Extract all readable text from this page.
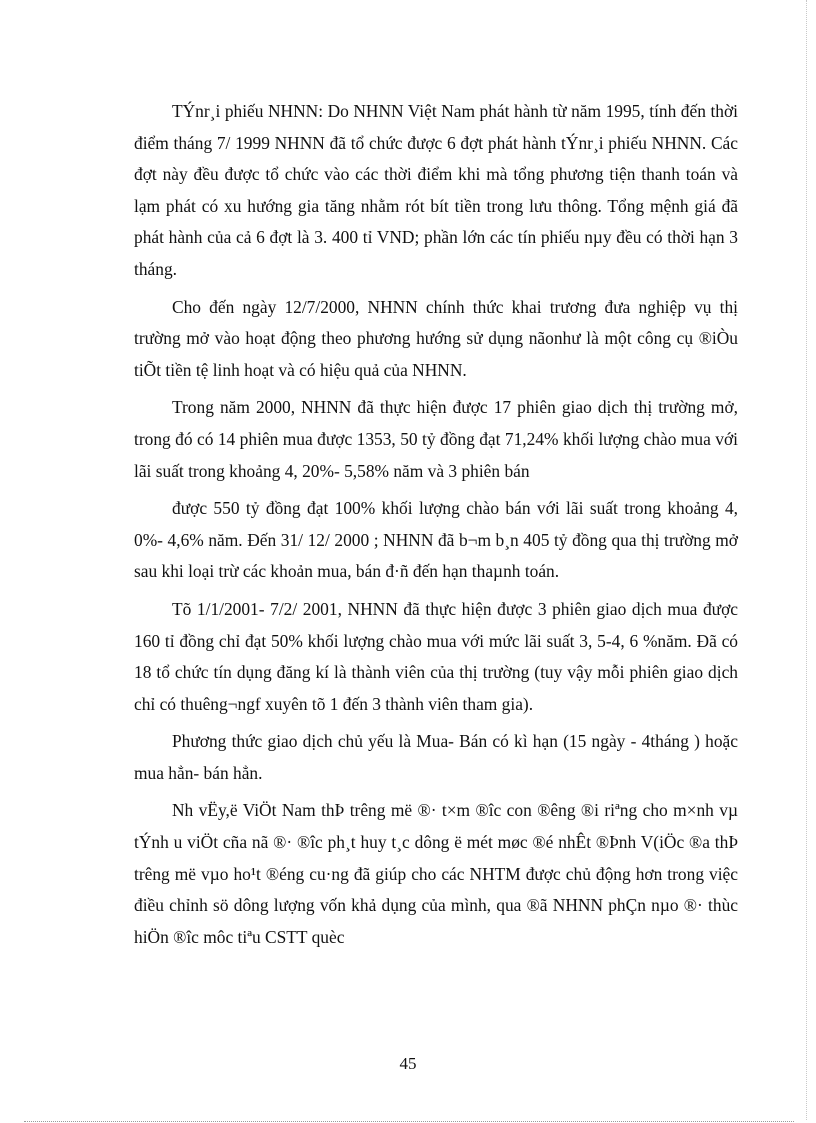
TÝnr¸i phiếu NHNN: Do NHNN Việt Nam phát hành từ năm 1995, tính đến thời điểm tháng 7/ 1999 NHNN đã tổ chức được 6 đợt phát hành tÝnr¸i phiếu NHNN. Các đợt này đều được tổ chức vào các thời điểm khi mà tổng phương tiện thanh toán và lạm phát có xu hướng gia tăng nhằm rót bít tiền trong lưu thông. Tổng mệnh giá đã phát hành của cả 6 đợt là 3. 400 tỉ VND; phần lớn các tín phiếu nµy đều có thời hạn 3 tháng.

Cho đến ngày 12/7/2000, NHNN chính thức khai trương đưa nghiệp vụ thị trường mở vào hoạt động theo phương hướng sử dụng nãonhư là một công cụ ®iÒu tiÕt tiền tệ linh hoạt và có hiệu quả của NHNN.

Trong năm 2000, NHNN đã thực hiện được 17 phiên giao dịch thị trường mở, trong đó có 14 phiên mua được 1353, 50 tỷ đồng đạt 71,24% khối lượng chào mua với lãi suất trong khoảng 4, 20%- 5,58% năm và 3 phiên bán

được 550 tỷ đồng đạt 100% khối lượng chào bán với lãi suất trong khoảng 4, 0%- 4,6% năm. Đến 31/ 12/ 2000 ; NHNN đã b¬m b¸n 405 tỷ đồng qua thị trường mở sau khi loại trừ các khoản mua, bán đ·ñ đến hạn thaµnh toán.

Tõ 1/1/2001- 7/2/ 2001, NHNN đã thực hiện được 3 phiên giao dịch mua được 160 tỉ đồng chỉ đạt 50% khối lượng chào mua với mức lãi suất 3, 5-4, 6 %năm. Đã có 18 tổ chức tín dụng đăng kí là thành viên của thị trường (tuy vậy mỗi phiên giao dịch chỉ có thuêng¬ngf xuyên tõ 1 đến 3 thành viên tham gia).

Phương thức giao dịch chủ yếu là Mua- Bán có kì hạn (15 ngày - 4tháng ) hoặc mua hẳn- bán hẳn.

Nh vËy,ë ViÖt Nam thÞ trêng më ®· t×m ®îc con ®êng ®i riªng cho m×nh vµ tÝnh u viÖt cña nã ®· ®îc ph¸t huy t¸c dông ë mét møc ®é nhÊt ®Þnh V(iÖc ®a thÞ trêng më vµo ho¹t ®éng cu·ng đã giúp cho các NHTM được chủ động hơn trong việc điều chỉnh sö dông lượng vốn khả dụng của mình, qua ®ã NHNN phÇn nµo ®· thùc hiÖn ®îc môc tiªu CSTT quèc

45
